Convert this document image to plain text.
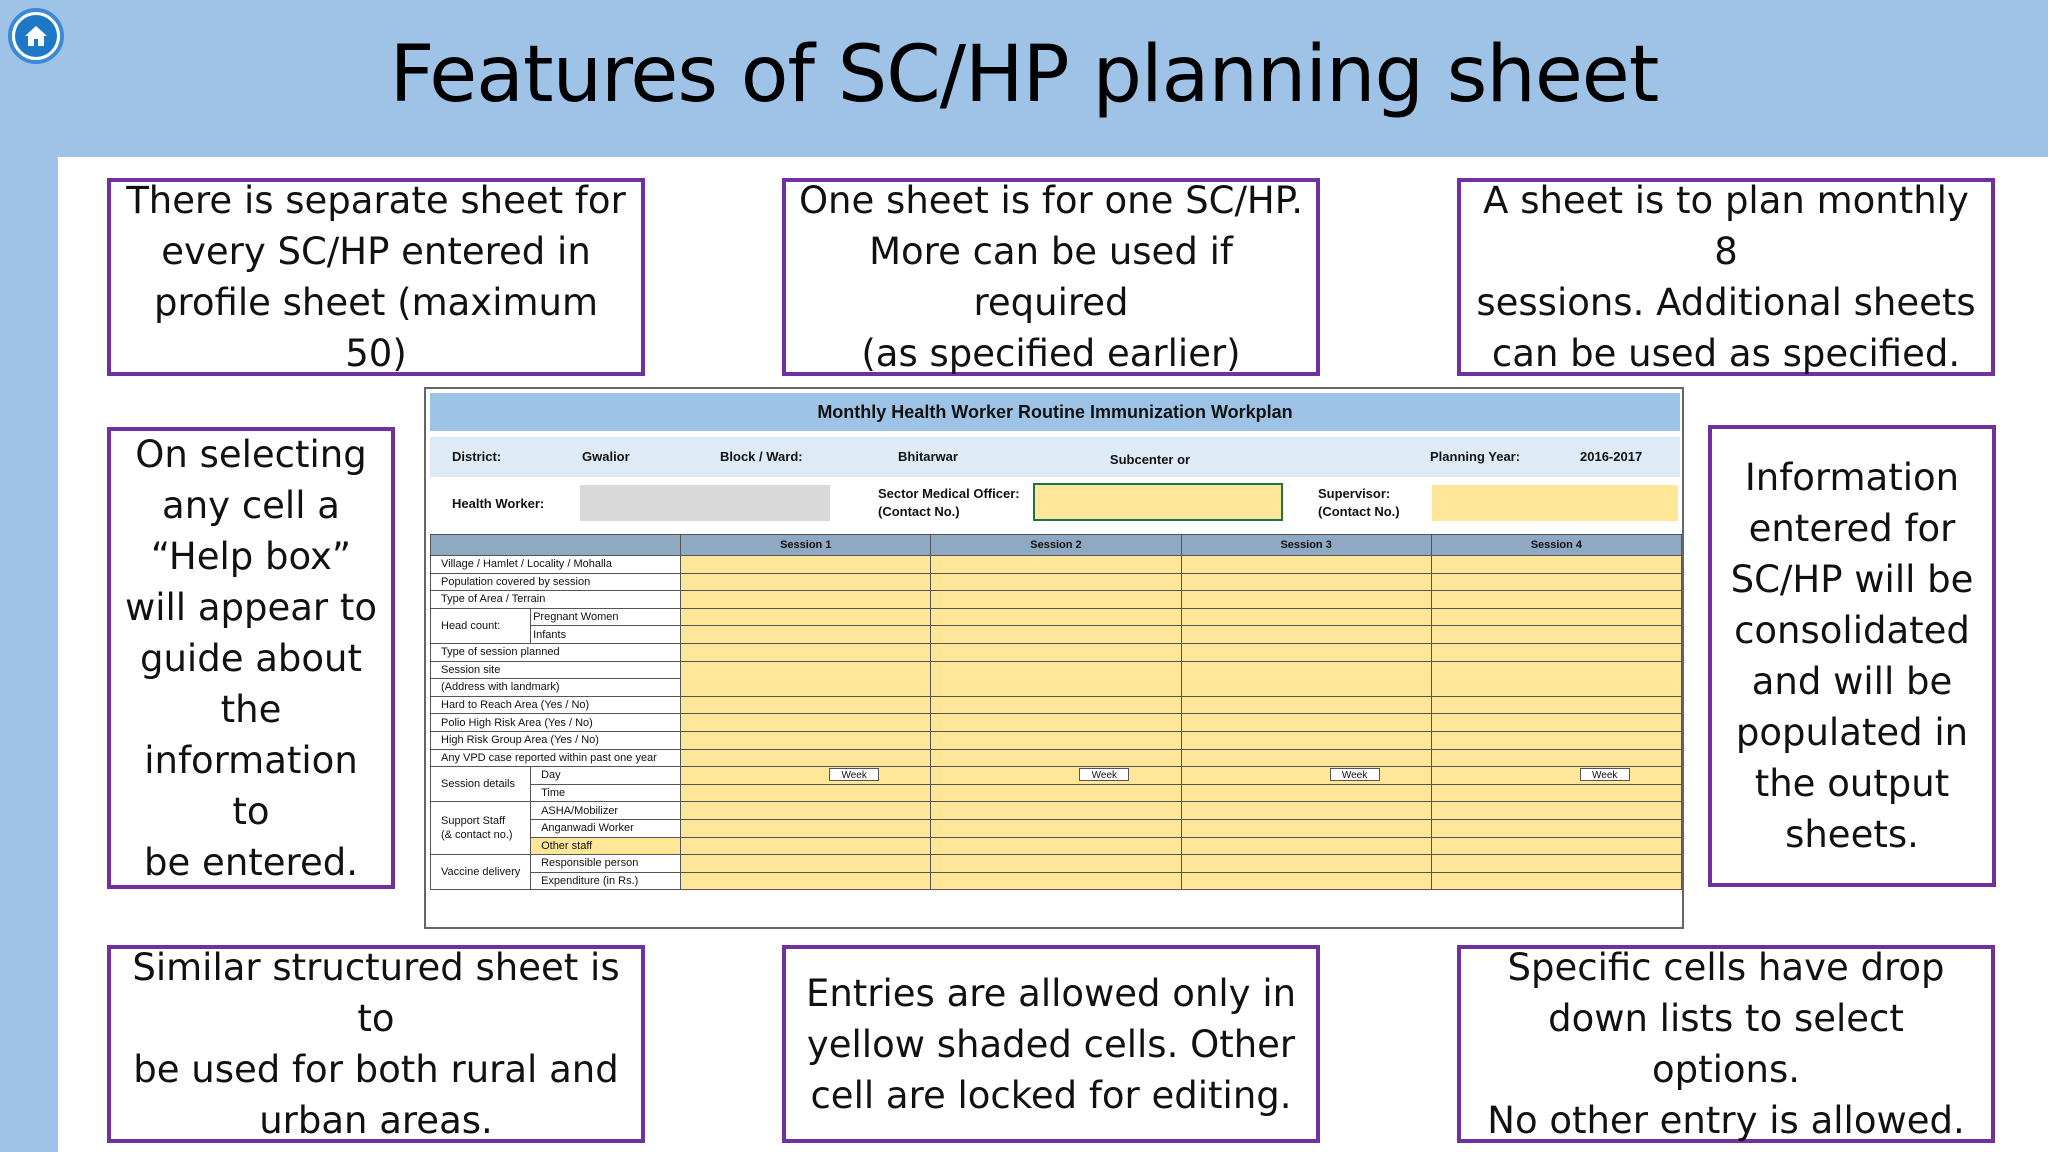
Features of SC/HP planning sheet
There is separate sheet for
every SC/HP entered in
profile sheet (maximum 50)
One sheet is for one SC/HP.
More can be used if required
(as specified earlier)
A sheet is to plan monthly 8
sessions. Additional sheets
can be used as specified.
On selecting
any cell a
“Help box”
will appear to
guide about
the
information to
be entered.
Information
entered for
SC/HP will be
consolidated
and will be
populated in
the output
sheets.
Similar structured sheet is to
be used for both rural and
urban areas.
Entries are allowed only in
yellow shaded cells. Other
cell are locked for editing.
Specific cells have drop
down lists to select options.
No other entry is allowed.
Monthly Health Worker Routine Immunization Workplan
District:	Gwalior	Block / Ward:	Bhitarwar	Subcenter or	Planning Year:	2016-2017
Health Worker:
Sector Medical Officer:
(Contact No.)
Supervisor:
(Contact No.)
		Session 1	Session 2	Session 3	Session 4
Village / Hamlet / Locality / Mohalla					
Population covered by session					
Type of Area / Terrain					
Head count:	Pregnant Women				
	Infants				
Type of session planned					
Session site					
(Address with landmark)					
Hard to Reach Area (Yes / No)					
Polio High Risk Area (Yes / No)					
High Risk Group Area (Yes / No)					
Any VPD case reported within past one year					
Session details	Day	Week	Week	Week	Week

	Time				

Support Staff
(& contact no.)	ASHA/Mobilizer				
	Anganwadi Worker				
	Other staff				
Vaccine delivery	Responsible person				
	Expenditure (in Rs.)				
